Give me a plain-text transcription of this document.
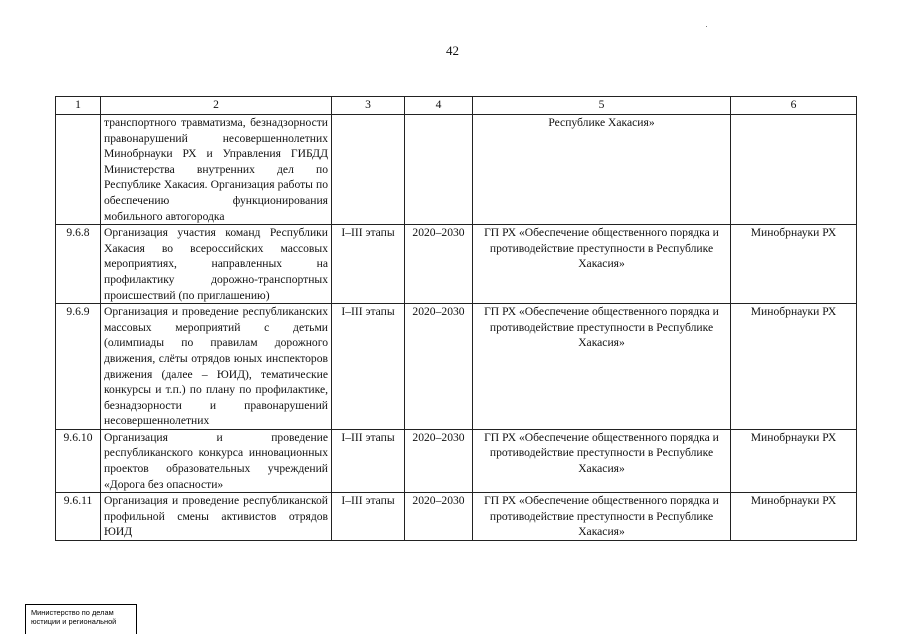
42
1	2	3	4	5	6
	транспортного травматизма, безнадзорности правонарушений несовершеннолетних Минобрнауки РХ и Управления ГИБДД Министерства внутренних дел по Республике Хакасия. Организация работы по обеспечению функционирования мобильного автогородка			Республике Хакасия»	
9.6.8	Организация участия команд Республики Хакасия во всероссийских массовых мероприятиях, направленных на профилактику дорожно-транспортных происшествий (по приглашению)	I–III этапы	2020–2030	ГП РХ «Обеспечение общественного порядка и противодействие преступности в Республике Хакасия»	Минобрнауки РХ
9.6.9	Организация и проведение республиканских массовых мероприятий с детьми (олимпиады по правилам дорожного движения, слёты отрядов юных инспекторов движения (далее – ЮИД), тематические конкурсы и т.п.) по плану по профилактике, безнадзорности и правонарушений несовершеннолетних	I–III этапы	2020–2030	ГП РХ «Обеспечение общественного порядка и противодействие преступности в Республике Хакасия»	Минобрнауки РХ
9.6.10	Организация и проведение республиканского конкурса инновационных проектов образовательных учреждений «Дорога без опасности»	I–III этапы	2020–2030	ГП РХ «Обеспечение общественного порядка и противодействие преступности в Республике Хакасия»	Минобрнауки РХ
9.6.11	Организация и проведение республиканской профильной смены активистов отрядов ЮИД	I–III этапы	2020–2030	ГП РХ «Обеспечение общественного порядка и противодействие преступности в Республике Хакасия»	Минобрнауки РХ
Министерство по делам
юстиции и региональной
